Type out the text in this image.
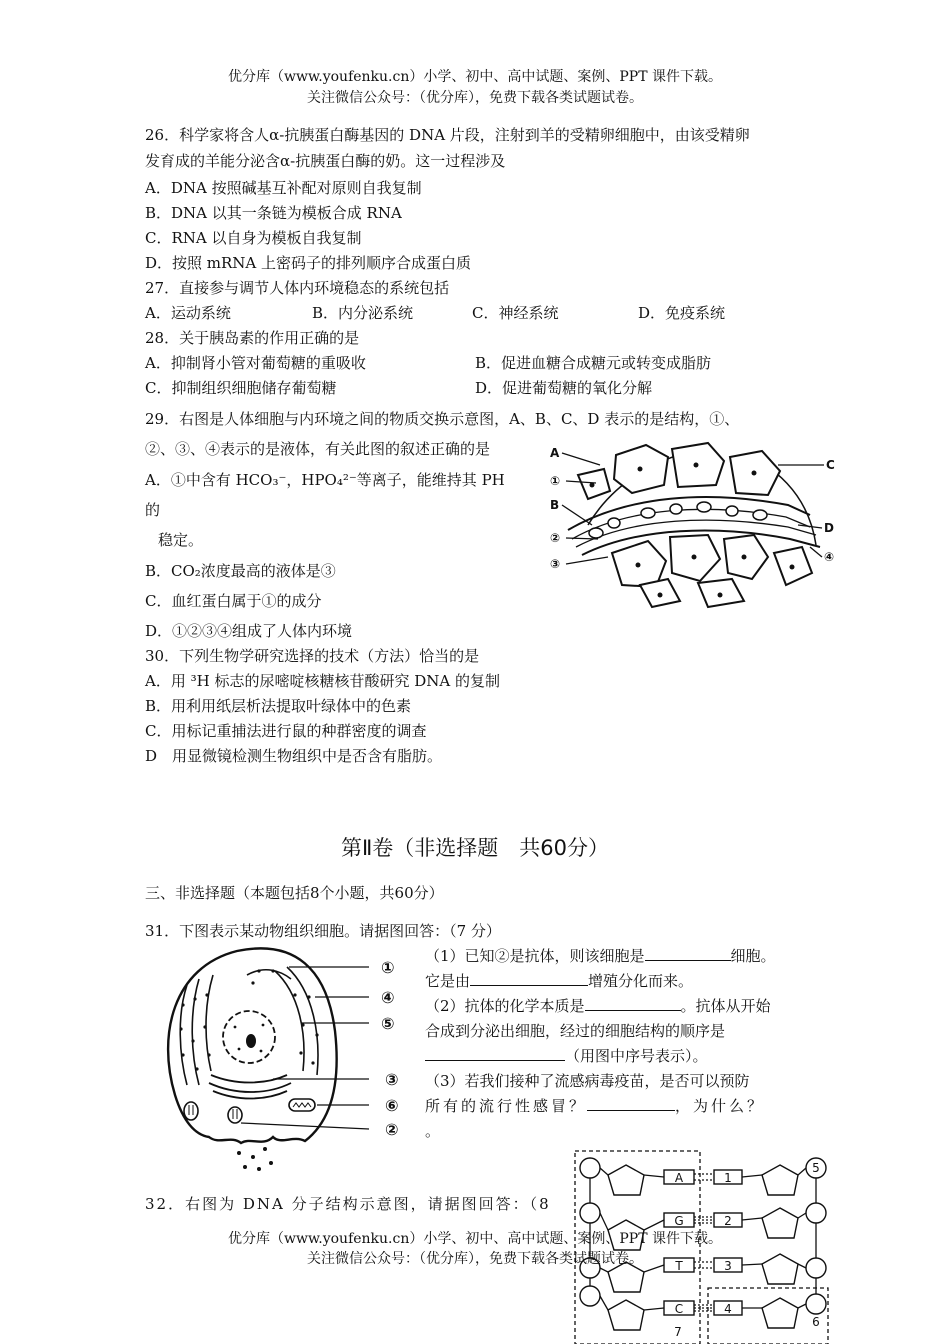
优分库（www.youfenku.cn）小学、初中、高中试题、案例、PPT 课件下载。
关注微信公众号：（优分库），免费下载各类试题试卷。
26．科学家将含人α-抗胰蛋白酶基因的 DNA 片段，注射到羊的受精卵细胞中，由该受精卵
发育成的羊能分泌含α-抗胰蛋白酶的奶。这一过程涉及
A．DNA 按照碱基互补配对原则自我复制
B．DNA 以其一条链为模板合成 RNA
C．RNA 以自身为模板自我复制
D．按照 mRNA 上密码子的排列顺序合成蛋白质
27．直接参与调节人体内环境稳态的系统包括
A．运动系统	B．内分泌系统	C．神经系统	D．免疫系统
28．关于胰岛素的作用正确的是
A．抑制肾小管对葡萄糖的重吸收	B．促进血糖合成糖元或转变成脂肪
C．抑制组织细胞储存葡萄糖	D．促进葡萄糖的氧化分解
29．右图是人体细胞与内环境之间的物质交换示意图，A、B、C、D 表示的是结构，①、
②、③、④表示的是液体，有关此图的叙述正确的是
A．①中含有 HCO₃⁻，HPO₄²⁻等离子，能维持其 PH
的
稳定。
B．CO₂浓度最高的液体是③
C．血红蛋白属于①的成分
D．①②③④组成了人体内环境
A
①
B
②
③
C
D
④
30．下列生物学研究选择的技术（方法）恰当的是
A．用 ³H 标志的尿嘧啶核糖核苷酸研究 DNA 的复制
B．用利用纸层析法提取叶绿体中的色素
C．用标记重捕法进行鼠的种群密度的调查
D　用显微镜检测生物组织中是否含有脂肪。
第Ⅱ卷（非选择题　共60分）
三、非选择题（本题包括8个小题，共60分）
31．下图表示某动物组织细胞。请据图回答：（7 分）
（1）已知②是抗体，则该细胞是	细胞。
它是由	增殖分化而来。
（2）抗体的化学本质是	。抗体从开始
合成到分泌出细胞，经过的细胞结构的顺序是
（用图中序号表示）。
（3）若我们接种了流感病毒疫苗，是否可以预防
所有的流行性感冒？	，为什么？
。
①
④
⑤
③
⑥
②
32．右图为 DNA 分子结构示意图，请据图回答：（8
A	1
G	2
T	3
C	4
5
6
7
优分库（www.youfenku.cn）小学、初中、高中试题、案例、PPT 课件下载。
关注微信公众号：（优分库），免费下载各类试题试卷。
